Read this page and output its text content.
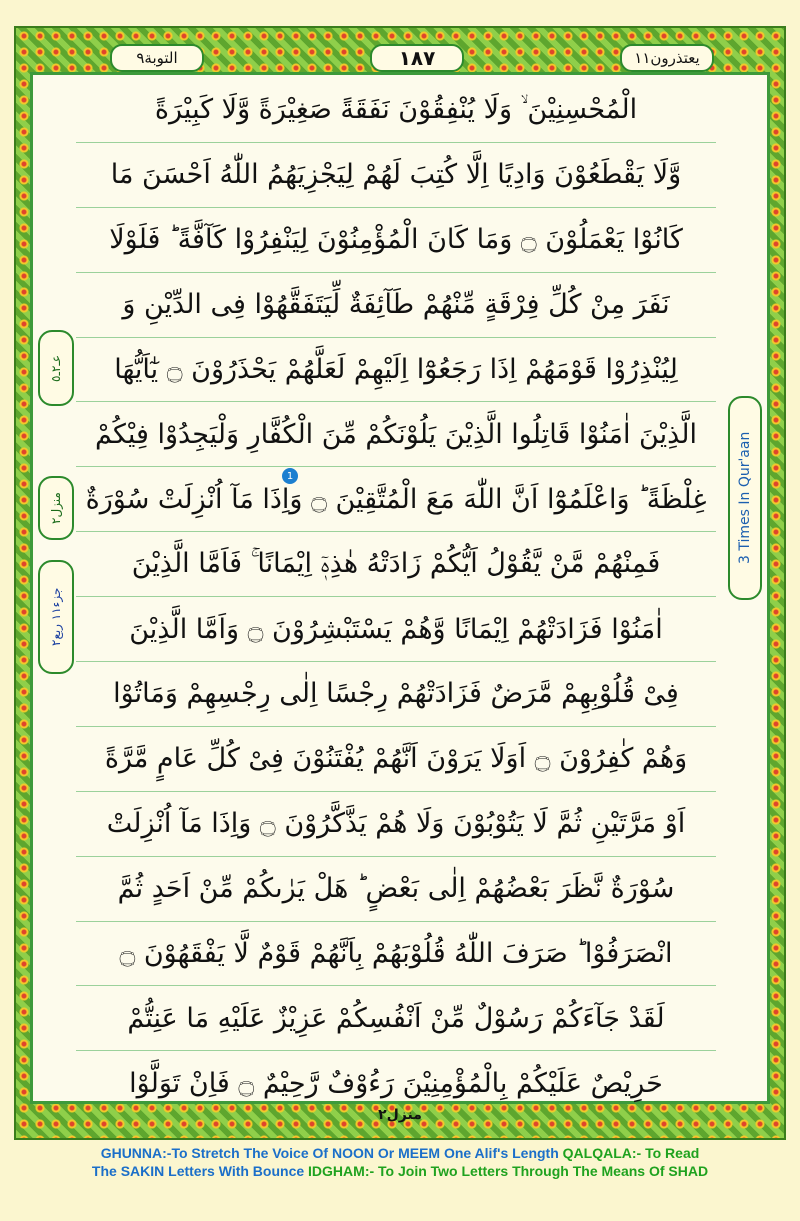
التوبة٩	١٨٧	يعتذرون١١
الْمُحْسِنِيْنَ ۙ وَلَا يُنْفِقُوْنَ نَفَقَةً صَغِيْرَةً وَّلَا كَبِيْرَةً
وَّلَا يَقْطَعُوْنَ وَادِيًا اِلَّا كُتِبَ لَهُمْ لِيَجْزِيَهُمُ اللّٰهُ اَحْسَنَ مَا
كَانُوْا يَعْمَلُوْنَ ۝ وَمَا كَانَ الْمُؤْمِنُوْنَ لِيَنْفِرُوْا كَآفَّةً ؕ فَلَوْلَا
نَفَرَ مِنْ كُلِّ فِرْقَةٍ مِّنْهُمْ طَآئِفَةٌ لِّيَتَفَقَّهُوْا فِى الدِّيْنِ وَ
لِيُنْذِرُوْا قَوْمَهُمْ اِذَا رَجَعُوْٓا اِلَيْهِمْ لَعَلَّهُمْ يَحْذَرُوْنَ ۝ يٰٓاَيُّهَا
الَّذِيْنَ اٰمَنُوْا قَاتِلُوا الَّذِيْنَ يَلُوْنَكُمْ مِّنَ الْكُفَّارِ وَلْيَجِدُوْا فِيْكُمْ
غِلْظَةً ؕ وَاعْلَمُوْٓا اَنَّ اللّٰهَ مَعَ الْمُتَّقِيْنَ ۝ وَاِذَا مَآ اُنْزِلَتْ سُوْرَةٌ
فَمِنْهُمْ مَّنْ يَّقُوْلُ اَيُّكُمْ زَادَتْهُ هٰذِهٖٓ اِيْمَانًا ۚ فَاَمَّا الَّذِيْنَ
اٰمَنُوْا فَزَادَتْهُمْ اِيْمَانًا وَّهُمْ يَسْتَبْشِرُوْنَ ۝ وَاَمَّا الَّذِيْنَ
فِىْ قُلُوْبِهِمْ مَّرَضٌ فَزَادَتْهُمْ رِجْسًا اِلٰى رِجْسِهِمْ وَمَاتُوْا
وَهُمْ كٰفِرُوْنَ ۝ اَوَلَا يَرَوْنَ اَنَّهُمْ يُفْتَنُوْنَ فِىْ كُلِّ عَامٍ مَّرَّةً
اَوْ مَرَّتَيْنِ ثُمَّ لَا يَتُوْبُوْنَ وَلَا هُمْ يَذَّكَّرُوْنَ ۝ وَاِذَا مَآ اُنْزِلَتْ
سُوْرَةٌ نَّظَرَ بَعْضُهُمْ اِلٰى بَعْضٍ ؕ هَلْ يَرٰىكُمْ مِّنْ اَحَدٍ ثُمَّ
انْصَرَفُوْا ؕ صَرَفَ اللّٰهُ قُلُوْبَهُمْ بِاَنَّهُمْ قَوْمٌ لَّا يَفْقَهُوْنَ ۝
لَقَدْ جَآءَكُمْ رَسُوْلٌ مِّنْ اَنْفُسِكُمْ عَزِيْزٌ عَلَيْهِ مَا عَنِتُّمْ
حَرِيْصٌ عَلَيْكُمْ بِالْمُؤْمِنِيْنَ رَءُوْفٌ رَّحِيْمٌ ۝ فَاِنْ تَوَلَّوْا
عـ٢ـ٥
منزل٢
جزء١١ ربع٢
3 Times In Qur'aan
1
منزل٢
GHUNNA:-To Stretch The Voice Of NOON Or MEEM One Alif's Length QALQALA:- To Read
The SAKIN Letters With Bounce IDGHAM:- To Join Two Letters Through The Means Of SHAD
